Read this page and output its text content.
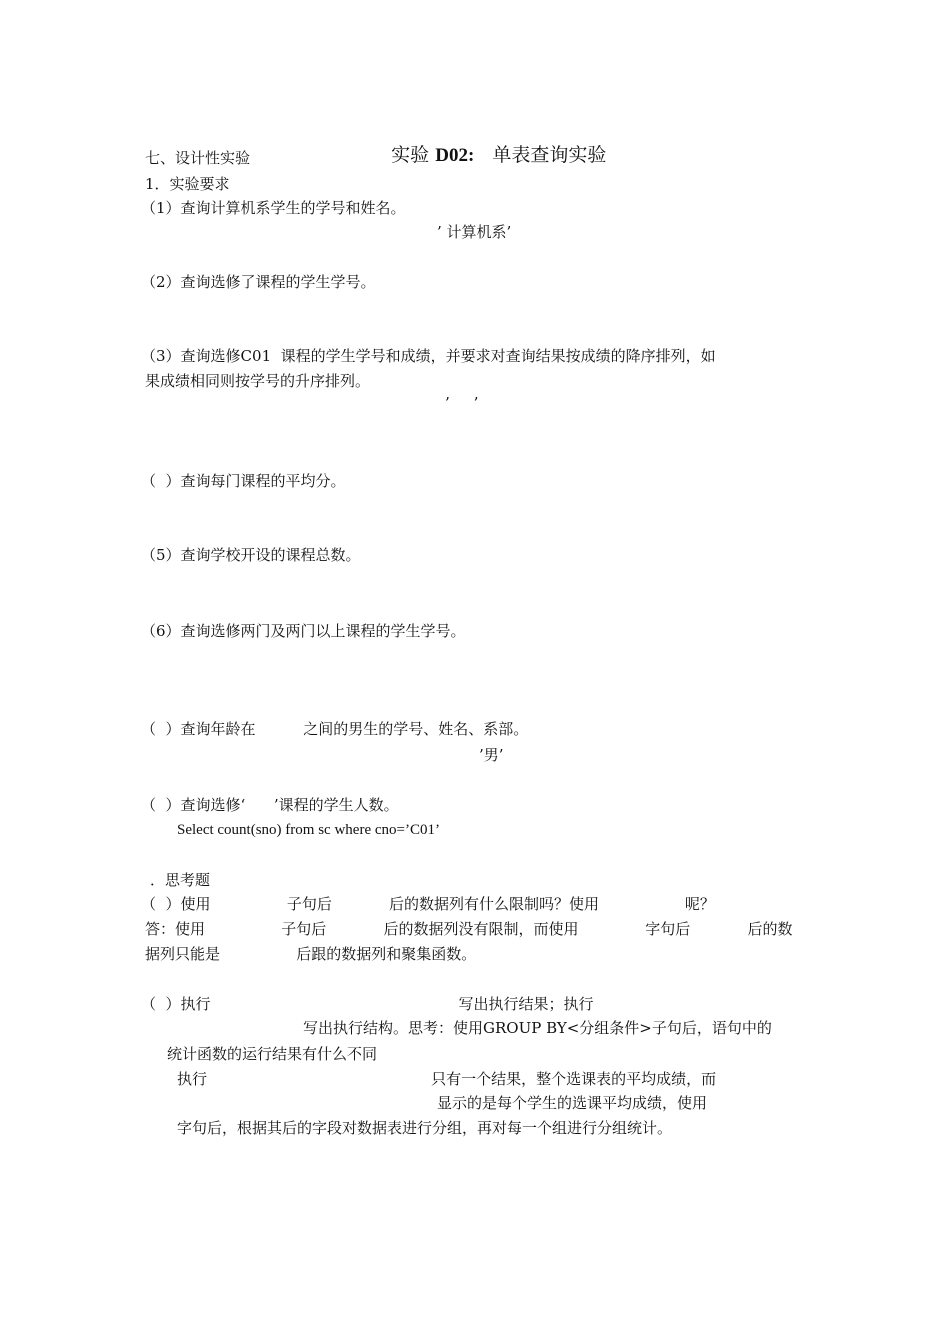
实验 D02:   单表查询实验

七、设计性实验
1．实验要求
（1）查询计算机系学生的学号和姓名。
’ 计算机系’
（2）查询选修了课程的学生学号。
（3）查询选修C01  课程的学生学号和成绩，并要求对查询结果按成绩的降序排列，如
果成绩相同则按学号的升序排列。
’     ’
（  ）查询每门课程的平均分。
（5）查询学校开设的课程总数。
（6）查询选修两门及两门以上课程的学生学号。
（  ）查询年龄在          之间的男生的学号、姓名、系部。
’男’
（  ）查询选修‘      ’课程的学生人数。
Select count(sno) from sc where cno=’C01’
．思考题
（  ）使用                子句后            后的数据列有什么限制吗？使用                  呢？
答：使用                子句后            后的数据列没有限制，而使用              字句后            后的数
据列只能是                后跟的数据列和聚集函数。
（  ）执行                                                    写出执行结果；执行
写出执行结构。思考：使用GROUP BY<分组条件>子句后，语句中的
统计函数的运行结果有什么不同
执行                                               只有一个结果，整个选课表的平均成绩，而
显示的是每个学生的选课平均成绩，使用
字句后，根据其后的字段对数据表进行分组，再对每一个组进行分组统计。
